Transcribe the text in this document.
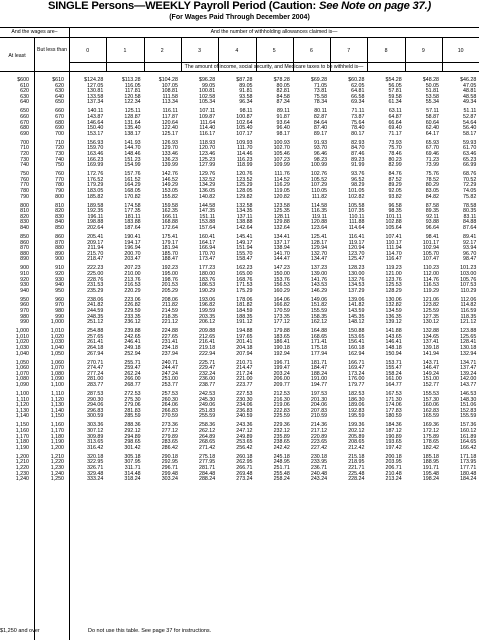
SINGLE Persons—WEEKLY Payroll Period (Caution: See Note on page 37.)
(For Wages Paid Through December 2004)
And the wages are–	And the number of withholding allowances claimed is—
At least
But less than
The amount of income, social security, and Medicare taxes to be withheld is—
0	1	2	3	4	5	6	7	8	9	10
$600	$610	$124.28	$113.28	$104.28	$96.28	$87.28	$78.28	$69.28	$60.28	$54.28	$48.28	$46.28
610	620	127.05	116.05	107.05	99.05	89.05	80.05	71.05	62.05	56.05	50.05	47.05
620	630	130.81	117.81	108.81	100.81	91.81	82.81	73.81	64.81	57.81	51.81	48.81
630	640	133.58	120.58	111.58	102.58	93.58	84.58	75.58	66.58	59.58	53.58	48.58
640	650	137.34	122.34	113.34	105.34	96.34	87.34	78.34	69.34	61.34	55.34	49.34
650	660	140.11	125.11	116.11	107.11	98.11	89.11	80.11	71.11	63.11	57.11	51.11
660	670	143.87	128.87	117.87	109.87	100.87	91.87	82.87	73.87	64.87	58.87	52.87
670	680	146.64	131.64	120.64	111.64	102.64	93.64	84.64	75.64	66.64	60.64	54.64
680	690	150.40	135.40	122.40	114.40	105.40	96.40	87.40	78.40	69.40	62.40	56.40
690	700	153.17	138.17	125.17	116.17	107.17	98.17	89.17	80.17	71.17	64.17	58.17
700	710	156.93	141.93	126.93	118.93	109.93	100.93	91.93	82.93	73.93	65.93	59.93
710	720	159.70	144.70	129.70	120.70	111.70	102.70	93.70	84.70	75.70	67.70	61.70
720	730	163.46	148.46	133.46	123.46	114.46	105.46	96.46	87.46	78.46	69.46	63.46
730	740	166.23	151.23	136.23	125.23	116.23	107.23	98.23	89.23	80.23	71.23	65.23
740	750	169.99	154.99	139.99	127.99	118.99	109.99	100.99	91.99	82.99	73.99	66.99
750	760	172.76	157.76	142.76	129.76	120.76	111.76	102.76	93.76	84.76	75.76	68.76
760	770	176.52	161.52	146.52	132.52	123.52	114.52	105.52	96.52	87.52	78.52	70.52
770	780	179.29	164.29	149.29	134.29	125.29	116.29	107.29	98.29	89.29	80.29	72.29
780	790	183.05	168.05	153.05	136.05	128.05	119.05	110.05	101.05	92.05	83.05	74.05
790	800	185.82	170.82	155.82	140.82	129.82	120.82	111.82	102.82	93.82	84.82	75.82
800	810	189.58	174.58	159.58	144.58	132.58	123.58	114.58	105.58	96.58	87.58	78.58
810	820	192.35	177.35	162.35	147.35	134.35	125.35	116.35	107.35	98.35	89.35	80.35
820	830	196.11	181.11	166.11	151.11	137.11	128.11	119.11	110.11	101.11	92.11	83.11
830	840	198.88	183.88	168.88	153.88	138.88	129.88	120.88	111.88	102.88	93.88	84.88
840	850	202.64	187.64	172.64	157.64	142.64	132.64	123.64	114.64	105.64	96.64	87.64
850	860	205.41	190.41	175.41	160.41	145.41	134.41	125.41	116.41	107.41	98.41	89.41
860	870	209.17	194.17	179.17	164.17	149.17	137.17	128.17	119.17	110.17	101.17	92.17
870	880	211.94	196.94	181.94	166.94	151.94	138.94	129.94	120.94	111.94	102.94	93.94
880	890	215.70	200.70	185.70	170.70	155.70	141.70	132.70	123.70	114.70	105.70	96.70
890	900	218.47	203.47	188.47	173.47	158.47	144.47	134.47	125.47	116.47	107.47	98.47
900	910	222.23	207.23	192.23	177.23	162.23	147.23	137.23	128.23	119.23	110.23	101.23
910	920	225.00	210.00	195.00	180.00	165.00	150.00	139.00	130.00	121.00	112.00	103.00
920	930	228.76	213.76	198.76	183.76	168.76	153.76	141.76	132.76	123.76	114.76	105.76
930	940	231.53	216.53	201.53	186.53	171.53	156.53	143.53	134.53	125.53	116.53	107.53
940	950	235.29	220.29	205.29	190.29	175.29	160.29	146.29	137.29	128.29	119.29	110.29
950	960	238.06	223.06	208.06	193.06	178.06	164.06	149.06	139.06	130.06	121.06	112.06
960	970	241.82	226.82	211.82	196.82	181.82	166.82	151.82	141.82	132.82	123.82	114.82
970	980	244.59	229.59	214.59	199.59	184.59	170.59	155.59	143.59	134.59	125.59	116.59
980	990	248.35	233.35	218.35	203.35	188.35	173.35	158.35	145.35	136.35	127.35	118.35
990	1,000	251.12	236.12	221.12	206.12	191.12	177.12	162.12	148.12	139.12	130.12	121.12
1,000	1,010	254.88	239.88	224.88	209.88	194.88	179.88	164.88	150.88	141.88	132.88	123.88
1,010	1,020	257.65	242.65	227.65	212.65	197.65	183.65	168.65	153.65	143.65	134.65	125.65
1,020	1,030	261.41	246.41	231.41	216.41	201.41	186.41	171.41	156.41	146.41	137.41	128.41
1,030	1,040	264.18	249.18	234.18	219.18	204.18	190.18	175.18	160.18	148.18	139.18	130.18
1,040	1,050	267.94	252.94	237.94	222.94	207.94	192.94	177.94	162.94	150.94	141.94	132.94
1,050	1,060	270.71	255.71	240.71	225.71	210.71	196.71	181.71	166.71	153.71	143.71	134.71
1,060	1,070	274.47	259.47	244.47	229.47	214.47	199.47	184.47	169.47	155.47	146.47	137.47
1,070	1,080	277.24	262.24	247.24	232.24	217.24	203.24	188.24	173.24	158.24	149.24	139.24
1,080	1,090	281.00	266.00	251.00	236.00	221.00	206.00	191.00	176.00	161.00	151.00	142.00
1,090	1,100	283.77	268.77	253.77	238.77	223.77	209.77	194.77	179.77	164.77	152.77	143.77
1,100	1,110	287.53	272.53	257.53	242.53	227.53	212.53	197.53	182.53	167.53	155.53	146.53
1,110	1,120	290.30	275.30	260.30	245.30	230.30	216.30	201.30	186.30	171.30	157.30	148.30
1,120	1,130	294.06	279.06	264.06	249.06	234.06	219.06	204.06	189.06	174.06	160.06	151.06
1,130	1,140	296.83	281.83	266.83	251.83	236.83	222.83	207.83	192.83	177.83	162.83	152.83
1,140	1,150	300.59	285.59	270.59	255.59	240.59	225.59	210.59	195.59	180.59	165.59	155.59
1,150	1,160	303.36	288.36	273.36	258.36	243.36	229.36	214.36	199.36	184.36	169.36	157.36
1,160	1,170	307.12	292.12	277.12	262.12	247.12	232.12	217.12	202.12	187.12	172.12	160.12
1,170	1,180	309.89	294.89	279.89	264.89	249.89	235.89	220.89	205.89	190.89	175.89	161.89
1,180	1,190	313.65	298.65	283.65	268.65	253.65	238.65	223.65	208.65	193.65	178.65	164.65
1,190	1,200	316.42	301.42	286.42	271.42	256.42	242.42	227.42	212.42	197.42	182.42	166.42
1,200	1,210	320.18	305.18	290.18	275.18	260.18	245.18	230.18	215.18	200.18	185.18	171.18
1,210	1,220	322.95	307.95	292.95	277.95	262.95	248.95	233.95	218.95	203.95	188.95	173.95
1,220	1,230	326.71	311.71	296.71	281.71	266.71	251.71	236.71	221.71	206.71	191.71	177.71
1,230	1,240	329.48	314.48	299.48	284.48	269.48	255.48	240.48	225.48	210.48	195.48	180.48
1,240	1,250	333.24	318.24	303.24	288.24	273.24	258.24	243.24	228.24	213.24	198.24	184.24
$1,250 and over	Do not use this table. See page 37 for instructions.
